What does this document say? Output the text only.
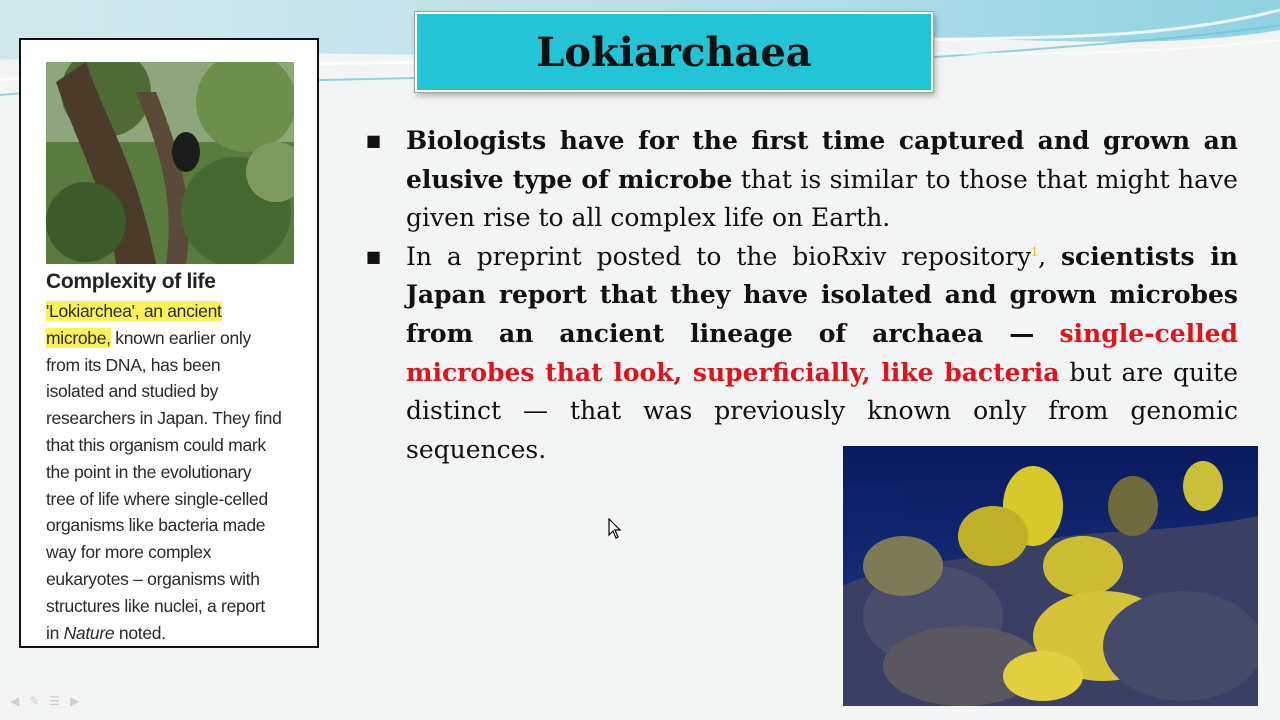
Lokiarchaea
Complexity of life
'Lokiarchea', an ancient
microbe, known earlier only
from its DNA, has been
isolated and studied by
researchers in Japan. They find
that this organism could mark
the point in the evolutionary
tree of life where single-celled
organisms like bacteria made
way for more complex
eukaryotes – organisms with
structures like nuclei, a report
in Nature noted.
■ Biologists have for the first time captured and grown an elusive type of microbe that is similar to those that might have given rise to all complex life on Earth.
■ In a preprint posted to the bioRxiv repository$^1$, scientists in Japan report that they have isolated and grown microbes from an ancient lineage of archaea — single-celled microbes that look, superficially, like bacteria but are quite distinct — that was previously known only from genomic sequences.
◀ ✎ ☰ ▶
